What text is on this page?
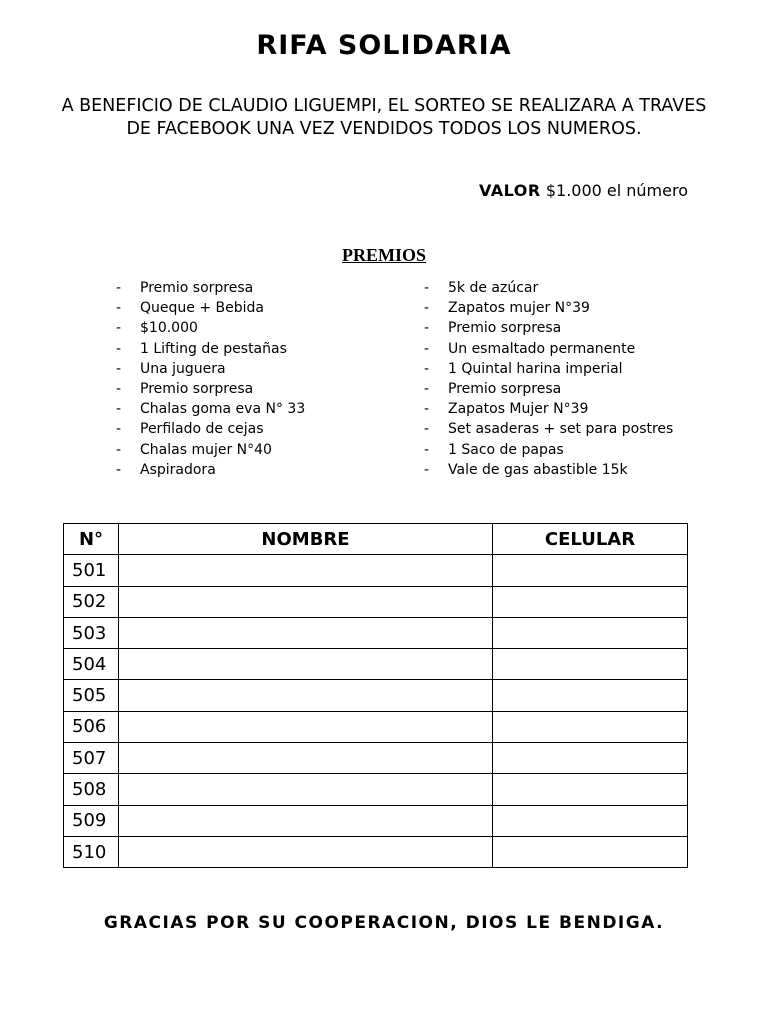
RIFA SOLIDARIA
A BENEFICIO DE CLAUDIO LIGUEMPI, EL SORTEO SE REALIZARA A TRAVES DE FACEBOOK UNA VEZ VENDIDOS TODOS LOS NUMEROS.
VALOR $1.000 el número
PREMIOS
- Premio sorpresa
- Queque + Bebida
- $10.000
- 1 Lifting de pestañas
- Una juguera
- Premio sorpresa
- Chalas goma eva N° 33
- Perfilado de cejas
- Chalas mujer N°40
- Aspiradora
- 5k de azúcar
- Zapatos mujer N°39
- Premio sorpresa
- Un esmaltado permanente
- 1 Quintal harina imperial
- Premio sorpresa
- Zapatos Mujer N°39
- Set asaderas + set para postres
- 1 Saco de papas
- Vale de gas abastible 15k
N°	NOMBRE	CELULAR
501		
502		
503		
504		
505		
506		
507		
508		
509		
510		
GRACIAS POR SU COOPERACION, DIOS LE BENDIGA.
